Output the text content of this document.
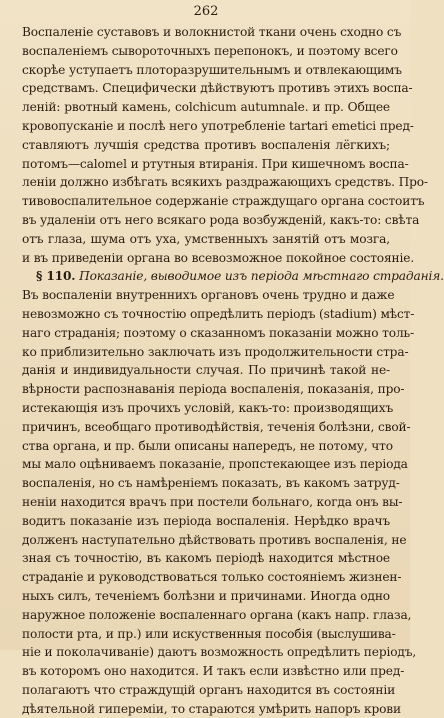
262
Воспаленіе суставовъ и волокнистой ткани очень сходно съ
воспаленіемъ сывороточныхъ перепонокъ, и поэтому всего
скорѣе уступаетъ плоторазрушительнымъ и отвлекающимъ
средствамъ. Специфически дѣйствуютъ противъ этихъ воспа-
леній: рвотный камень, colchicum autumnale. и пр. Общее
кровопусканіе и послѣ него употребленіе tartari emetici пред-
ставляютъ лучшія средства противъ воспаленія лёгкихъ;
потомъ—calomel и ртутныя втиранія. При кишечномъ воспа-
леніи должно избѣгать всякихъ раздражающихъ средствъ. Про-
тивовоспалительное содержаніе страждущаго органа состоитъ
въ удаленіи отъ него всякаго рода возбужденій, какъ-то: свѣта
отъ глаза, шума отъ уха, умственныхъ занятій отъ мозга,
и въ приведеніи органа во всевозможное покойное состояніе.
§ 110. Показаніе, выводимое изъ періода мѣстнаго страданія.
Въ воспаленіи внутреннихъ органовъ очень трудно и даже
невозможно съ точностію опредѣлить періодъ (stadium) мѣст-
наго страданія; поэтому о сказанномъ показаніи можно толь-
ко приблизительно заключать изъ продолжительности стра-
данія и индивидуальности случая. По причинѣ такой не-
вѣрности распознаванія періода воспаленія, показанія, про-
истекающія изъ прочихъ условій, какъ-то: производящихъ
причинъ, всеобщаго противодѣйствія, теченія болѣзни, свой-
ства органа, и пр. были описаны напередъ, не потому, что
мы мало оцѣниваемъ показаніе, пропстекающее изъ періода
воспаленія, но съ намѣреніемъ показать, въ какомъ затруд-
неніи находится врачъ при постели больнаго, когда онъ вы-
водитъ показаніе изъ періода воспаленія. Нерѣдко врачъ
долженъ наступательно дѣйствовать противъ воспаленія, не
зная съ точностію, въ какомъ періодѣ находится мѣстное
страданіе и руководствоваться только состояніемъ жизнен-
ныхъ силъ, теченіемъ болѣзни и причинами. Иногда одно
наружное положеніе воспаленнаго органа (какъ напр. глаза,
полости рта, и пр.) или искуственныя пособія (выслушива-
ніе и поколачиваніе) даютъ возможность опредѣлить періодъ,
въ которомъ оно находится. И такъ если извѣстно или пред-
полагаютъ что страждущій органъ находится въ состояніи
дѣятельной гипереміи, то стараются умѣрить напоръ крови
